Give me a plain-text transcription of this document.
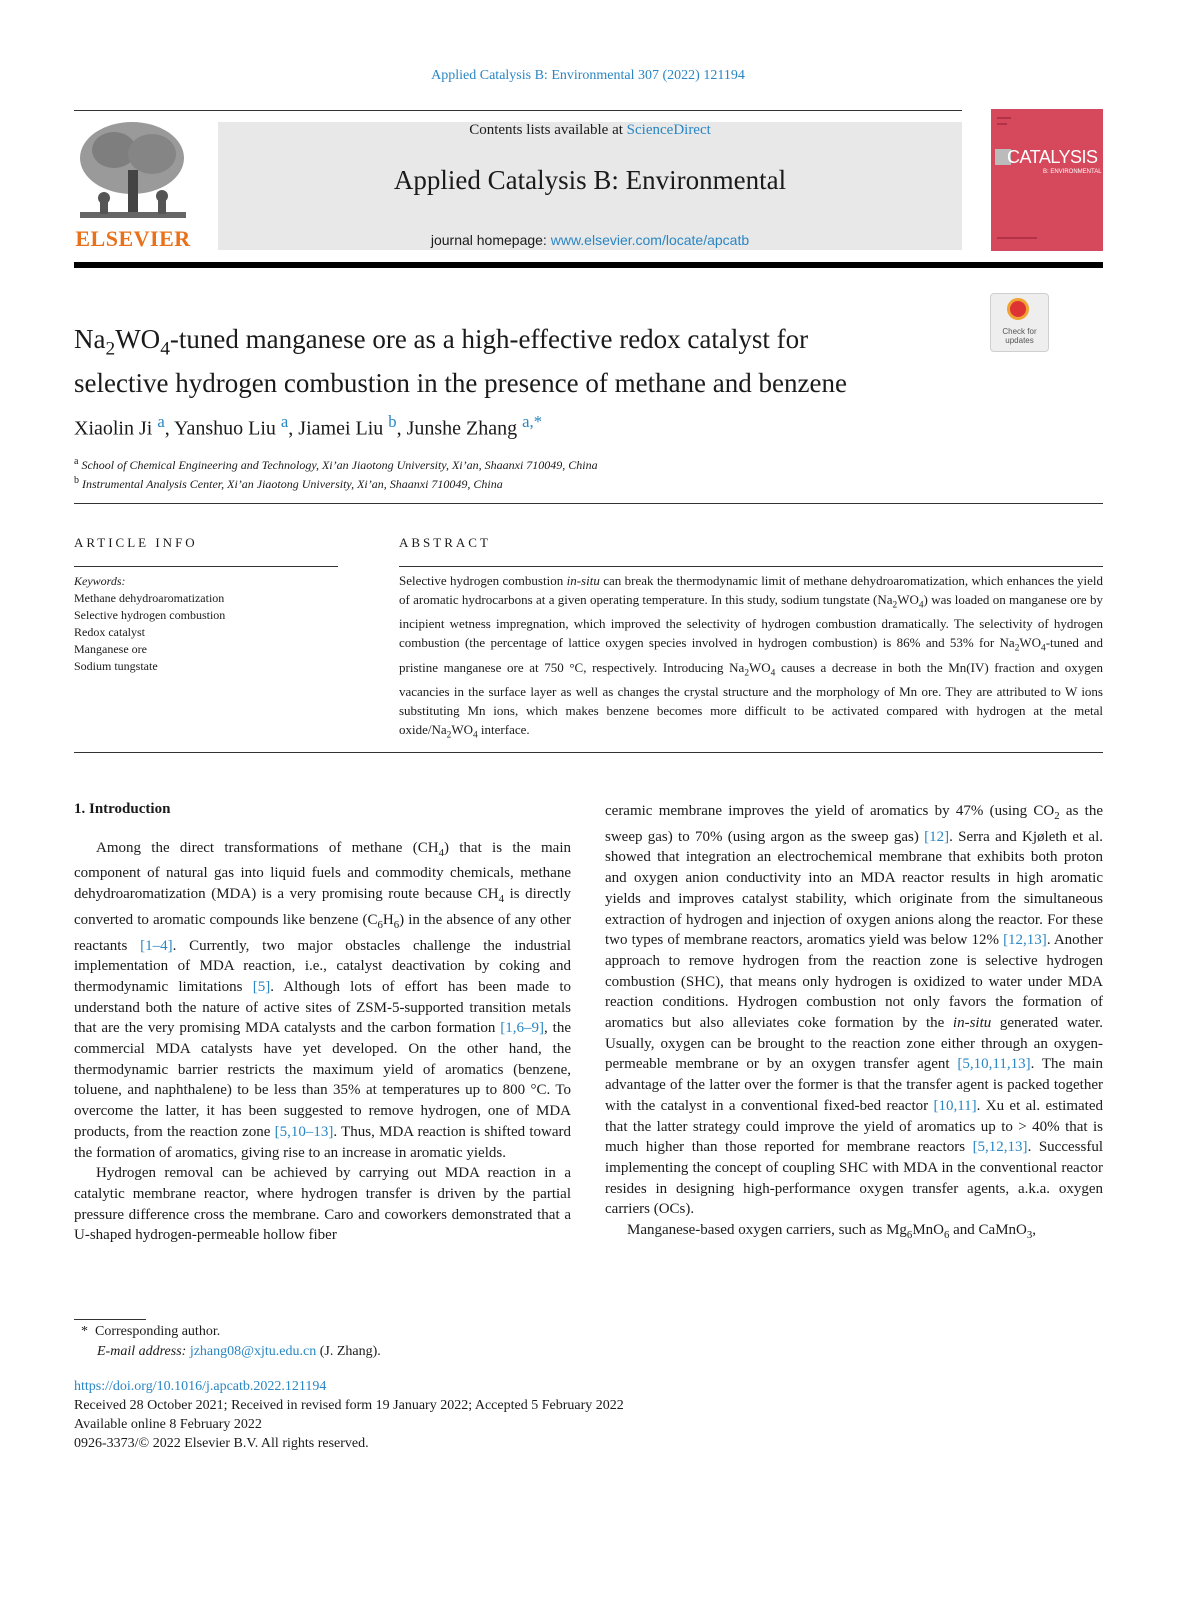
Applied Catalysis B: Environmental 307 (2022) 121194
ELSEVIER
Contents lists available at ScienceDirect
Applied Catalysis B: Environmental
journal homepage: www.elsevier.com/locate/apcatb
CATALYSIS
B: ENVIRONMENTAL
Check for updates
$Na_2WO_4$-tuned manganese ore as a high-effective redox catalyst for
selective hydrogen combustion in the presence of methane and benzene
Xiaolin Ji $^a$, Yanshuo Liu $^a$, Jiamei Liu $^b$, Junshe Zhang $^{a,*}$
$^a$ School of Chemical Engineering and Technology, Xi’an Jiaotong University, Xi’an, Shaanxi 710049, China
$^b$ Instrumental Analysis Center, Xi’an Jiaotong University, Xi’an, Shaanxi 710049, China
ARTICLE INFO
Keywords:
Methane dehydroaromatization
Selective hydrogen combustion
Redox catalyst
Manganese ore
Sodium tungstate
ABSTRACT
Selective hydrogen combustion in-situ can break the thermodynamic limit of methane dehydroaromatization, which enhances the yield of aromatic hydrocarbons at a given operating temperature. In this study, sodium tungstate $(Na_2WO_4)$ was loaded on manganese ore by incipient wetness impregnation, which improved the selectivity of hydrogen combustion dramatically. The selectivity of hydrogen combustion (the percentage of lattice oxygen species involved in hydrogen combustion) is 86% and 53% for $Na_2WO_4$-tuned and pristine manganese ore at 750 °C, respectively. Introducing $Na_2WO_4$ causes a decrease in both the Mn(IV) fraction and oxygen vacancies in the surface layer as well as changes the crystal structure and the morphology of Mn ore. They are attributed to W ions substituting Mn ions, which makes benzene becomes more difficult to be activated compared with hydrogen at the metal oxide/$Na_2WO_4$ interface.

1. Introduction

Among the direct transformations of methane $(CH_4)$ that is the main component of natural gas into liquid fuels and commodity chemicals, methane dehydroaromatization (MDA) is a very promising route because $CH_4$ is directly converted to aromatic compounds like benzene $(C_6H_6)$ in the absence of any other reactants [1–4]. Currently, two major obstacles challenge the industrial implementation of MDA reaction, i.e., catalyst deactivation by coking and thermodynamic limitations [5]. Although lots of effort has been made to understand both the nature of active sites of ZSM-5-supported transition metals that are the very promising MDA catalysts and the carbon formation [1,6–9], the commercial MDA catalysts have yet developed. On the other hand, the thermodynamic barrier restricts the maximum yield of aromatics (benzene, toluene, and naphthalene) to be less than 35% at temperatures up to 800 °C. To overcome the latter, it has been suggested to remove hydrogen, one of MDA products, from the reaction zone [5,10–13]. Thus, MDA reaction is shifted toward the formation of aromatics, giving rise to an increase in aromatic yields.

Hydrogen removal can be achieved by carrying out MDA reaction in a catalytic membrane reactor, where hydrogen transfer is driven by the partial pressure difference cross the membrane. Caro and coworkers demonstrated that a U-shaped hydrogen-permeable hollow fiber

ceramic membrane improves the yield of aromatics by 47% (using $CO_2$ as the sweep gas) to 70% (using argon as the sweep gas) [12]. Serra and Kjøleth et al. showed that integration an electrochemical membrane that exhibits both proton and oxygen anion conductivity into an MDA reactor results in high aromatic yields and improves catalyst stability, which originate from the simultaneous extraction of hydrogen and injection of oxygen anions along the reactor. For these two types of membrane reactors, aromatics yield was below 12% [12,13]. Another approach to remove hydrogen from the reaction zone is selective hydrogen combustion (SHC), that means only hydrogen is oxidized to water under MDA reaction conditions. Hydrogen combustion not only favors the formation of aromatics but also alleviates coke formation by the in-situ generated water. Usually, oxygen can be brought to the reaction zone either through an oxygen-permeable membrane or by an oxygen transfer agent [5,10,11,13]. The main advantage of the latter over the former is that the transfer agent is packed together with the catalyst in a conventional fixed-bed reactor [10,11]. Xu et al. estimated that the latter strategy could improve the yield of aromatics up to > 40% that is much higher than those reported for membrane reactors [5,12,13]. Successful implementing the concept of coupling SHC with MDA in the conventional reactor resides in designing high-performance oxygen transfer agents, a.k.a. oxygen carriers (OCs).

Manganese-based oxygen carriers, such as $Mg_6MnO_6$ and CaMnO$_3$,

* Corresponding author.
E-mail address: jzhang08@xjtu.edu.cn (J. Zhang).
https://doi.org/10.1016/j.apcatb.2022.121194
Received 28 October 2021; Received in revised form 19 January 2022; Accepted 5 February 2022
Available online 8 February 2022
0926-3373/© 2022 Elsevier B.V. All rights reserved.
